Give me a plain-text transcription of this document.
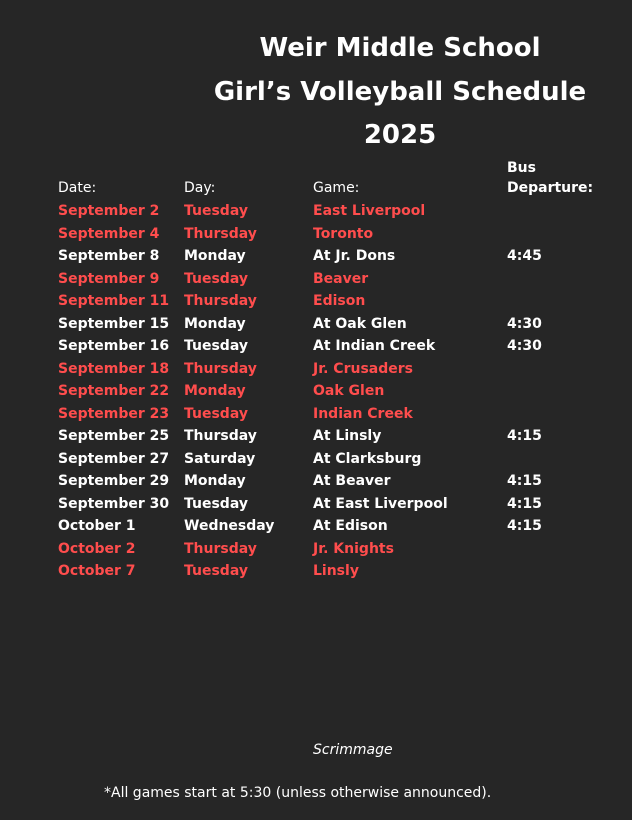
Weir Middle School
Girl’s Volleyball Schedule
2025
Bus
Date:	Day:	Game:	Departure:
September 2 Tuesday	East Liverpool
September 4 Thursday	Toronto
September 8 Monday	At Jr. Dons	4:45
September 9 Tuesday	Beaver
September 11 Thursday	Edison
September 15 Monday	At Oak Glen	4:30
September 16 Tuesday	At Indian Creek	4:30
September 18 Thursday	Jr. Crusaders
September 22 Monday	Oak Glen
September 23 Tuesday	Indian Creek
September 25 Thursday	At Linsly	4:15
September 27 Saturday	At Clarksburg
September 29 Monday	At Beaver	4:15
September 30 Tuesday	At East Liverpool	4:15
October 1	Wednesday	At Edison	4:15
October 2	Thursday	Jr. Knights
October 7	Tuesday	Linsly
Scrimmage
*All games start at 5:30 (unless otherwise announced).
